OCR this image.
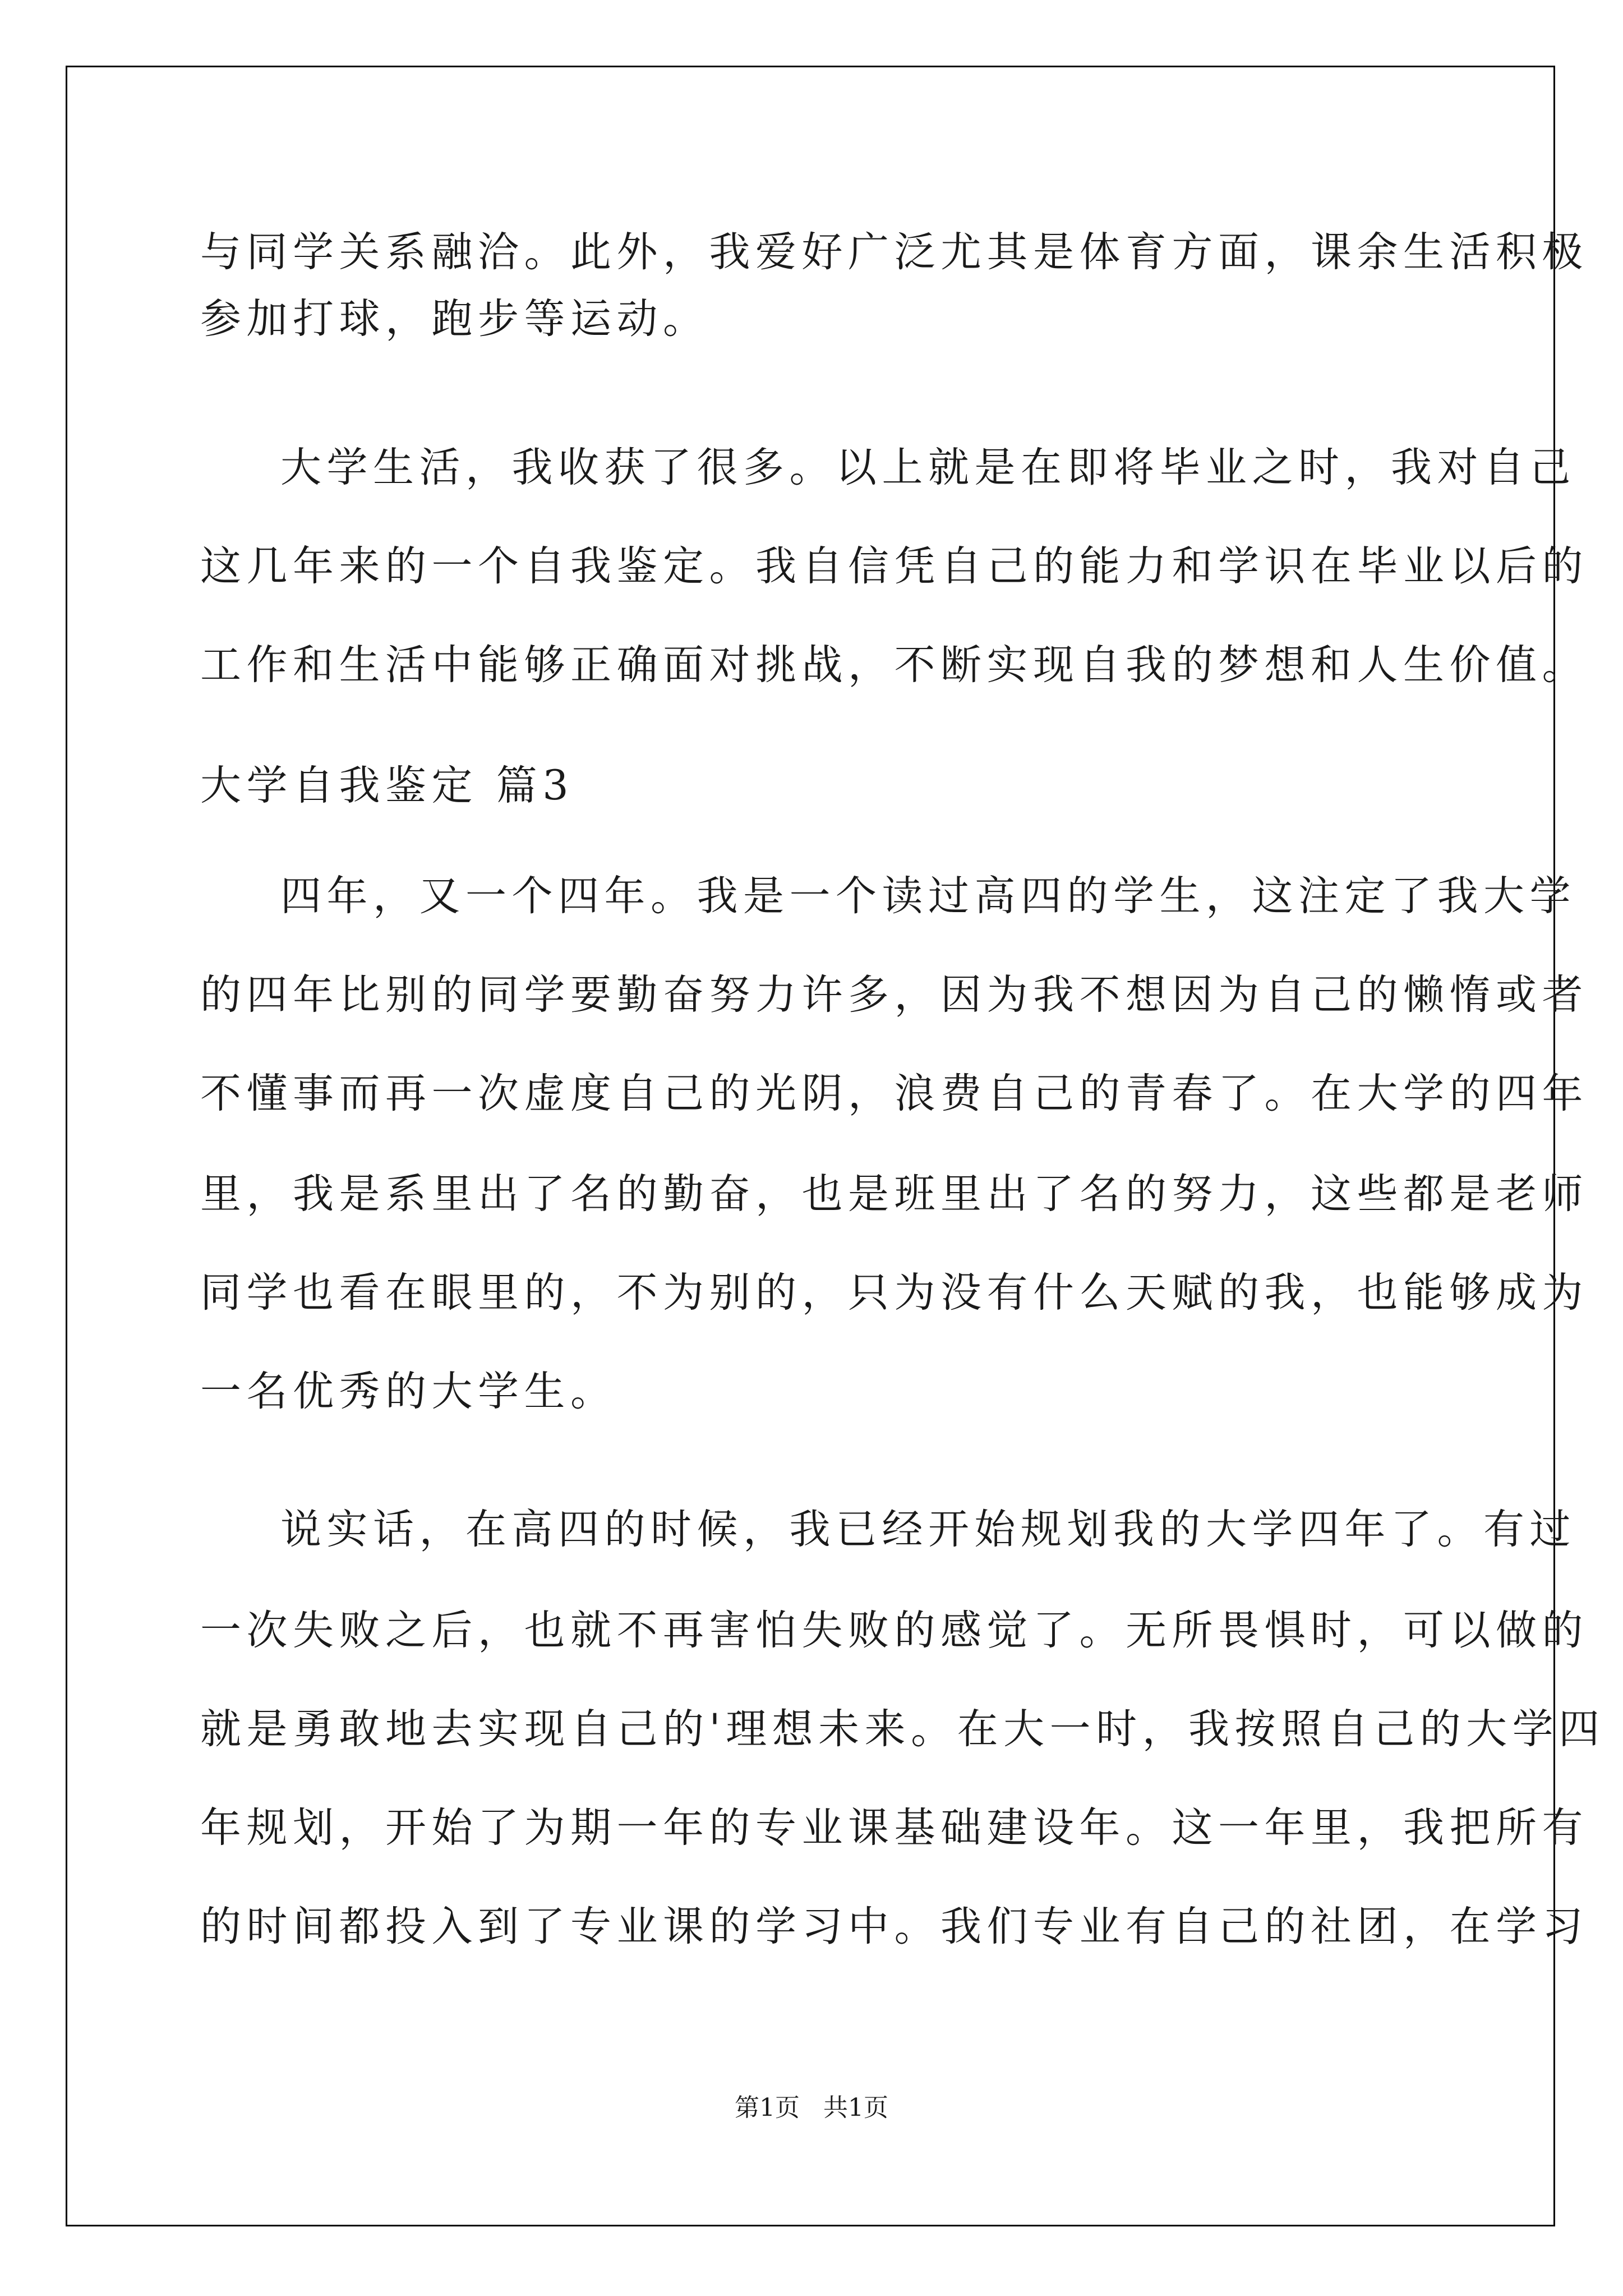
与同学关系融洽。此外，我爱好广泛尤其是体育方面，课余生活积极
参加打球，跑步等运动。
大学生活，我收获了很多。以上就是在即将毕业之时，我对自己
这几年来的一个自我鉴定。我自信凭自己的能力和学识在毕业以后的
工作和生活中能够正确面对挑战，不断实现自我的梦想和人生价值。
大学自我鉴定 篇3
四年，又一个四年。我是一个读过高四的学生，这注定了我大学
的四年比别的同学要勤奋努力许多，因为我不想因为自己的懒惰或者
不懂事而再一次虚度自己的光阴，浪费自己的青春了。在大学的四年
里，我是系里出了名的勤奋，也是班里出了名的努力，这些都是老师
同学也看在眼里的，不为别的，只为没有什么天赋的我，也能够成为
一名优秀的大学生。
说实话，在高四的时候，我已经开始规划我的大学四年了。有过
一次失败之后，也就不再害怕失败的感觉了。无所畏惧时，可以做的
就是勇敢地去实现自己的'理想未来。在大一时，我按照自己的大学四
年规划，开始了为期一年的专业课基础建设年。这一年里，我把所有
的时间都投入到了专业课的学习中。我们专业有自己的社团，在学习
第1页   共1页
